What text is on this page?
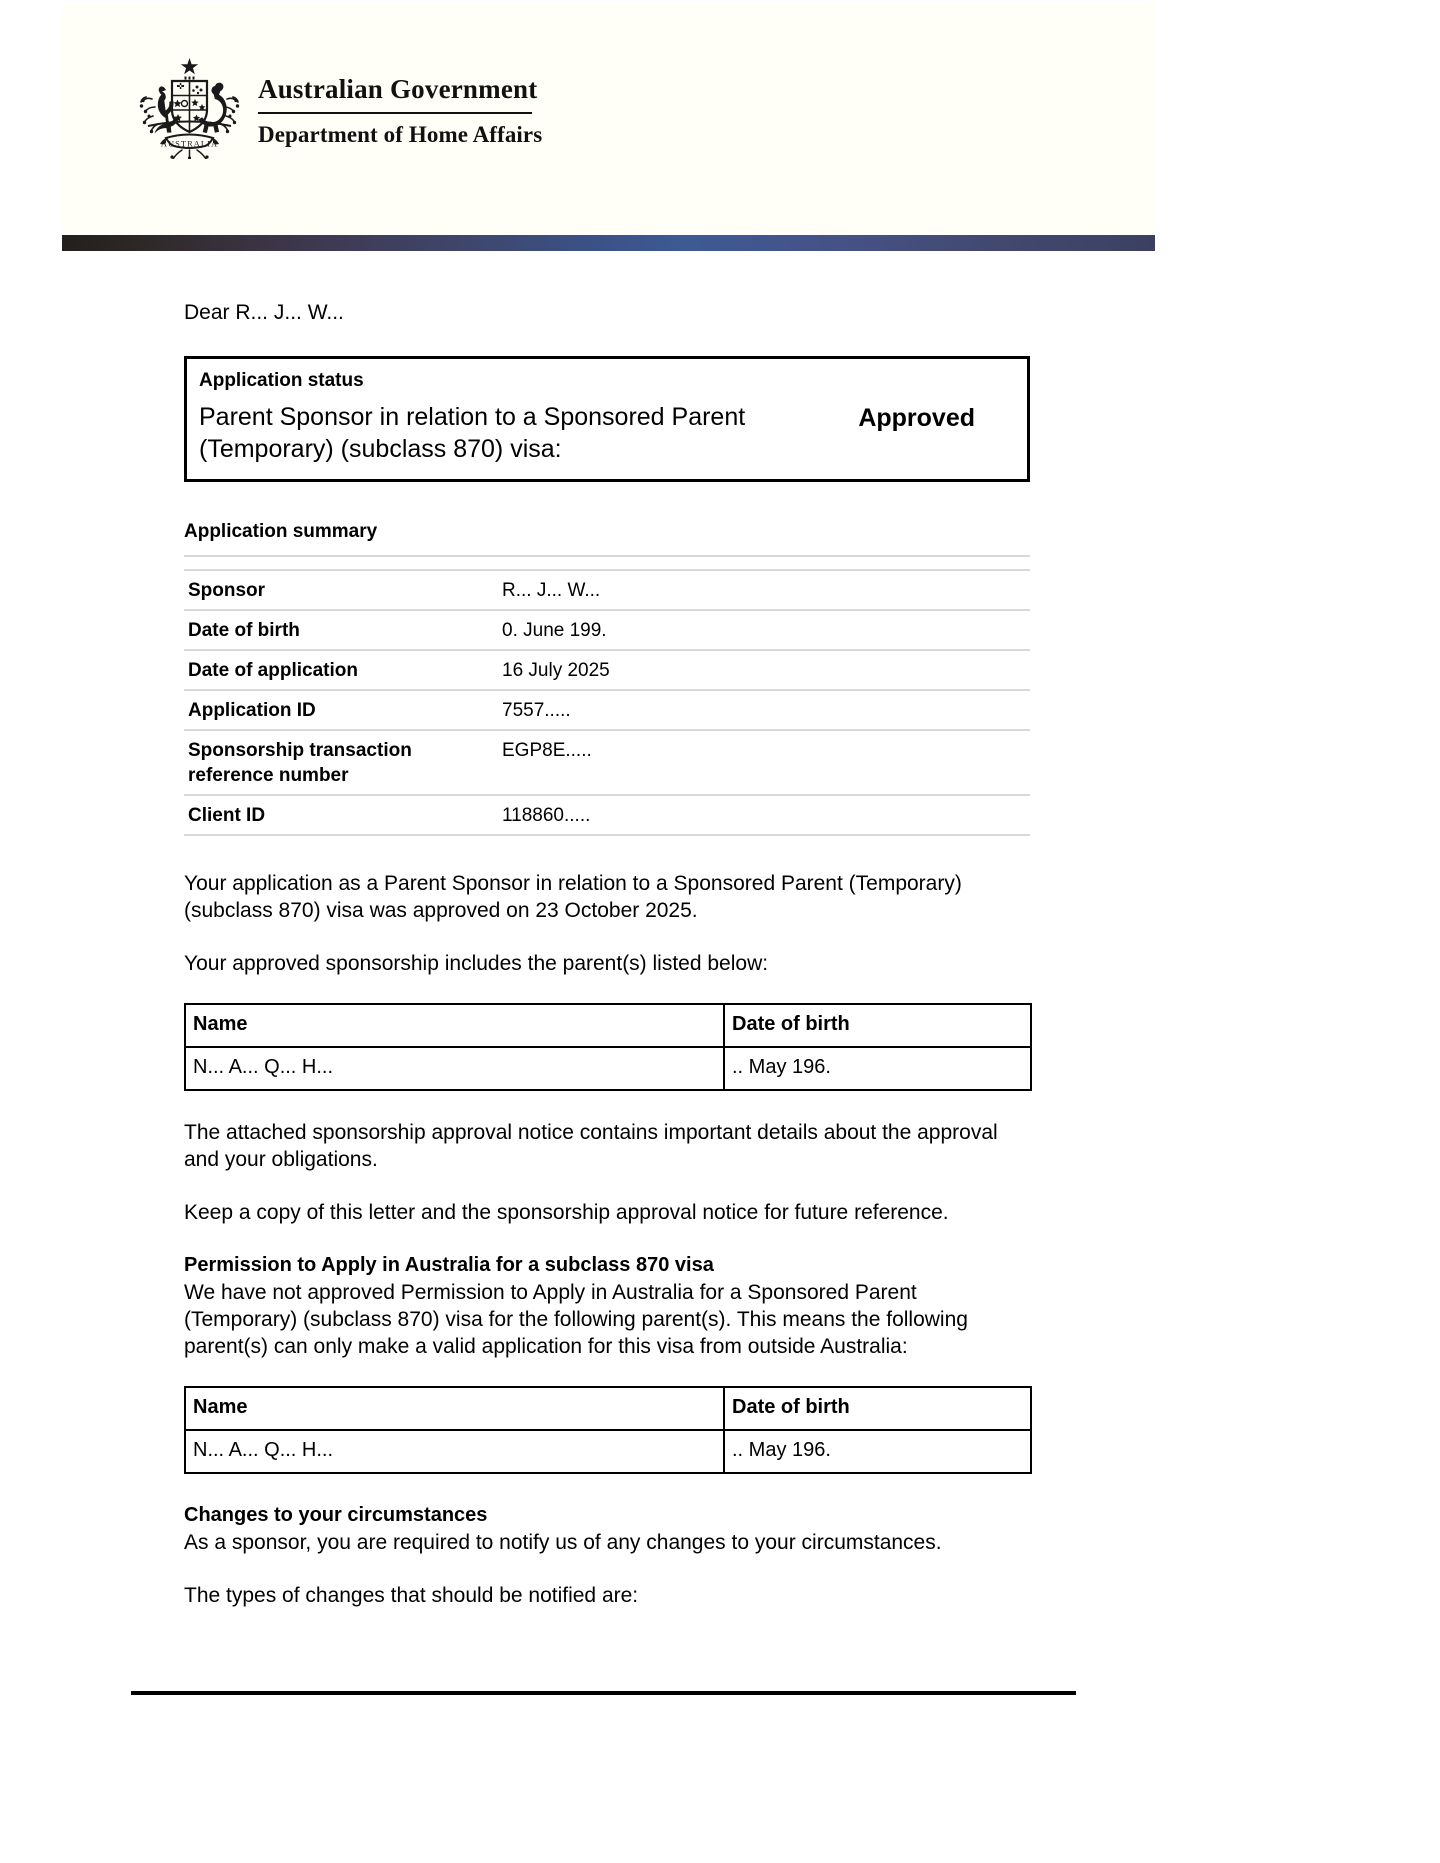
AUSTRALIA
Australian Government
Department of Home Affairs

Dear R... J... W...

Application status
Parent Sponsor in relation to a Sponsored Parent (Temporary) (subclass 870) visa:
Approved
Application summary

Sponsor	R... J... W...
Date of birth	0. June 199.
Date of application	16 July 2025
Application ID	7557.....
Sponsorship transaction reference number	EGP8E.....
Client ID	118860.....

Your application as a Parent Sponsor in relation to a Sponsored Parent (Temporary) (subclass 870) visa was approved on 23 October 2025.

Your approved sponsorship includes the parent(s) listed below:

Name	Date of birth
N... A... Q... H...	.. May 196.

The attached sponsorship approval notice contains important details about the approval and your obligations.

Keep a copy of this letter and the sponsorship approval notice for future reference.

Permission to Apply in Australia for a subclass 870 visa

We have not approved Permission to Apply in Australia for a Sponsored Parent (Temporary) (subclass 870) visa for the following parent(s). This means the following parent(s) can only make a valid application for this visa from outside Australia:

Name	Date of birth
N... A... Q... H...	.. May 196.
Changes to your circumstances

As a sponsor, you are required to notify us of any changes to your circumstances.

The types of changes that should be notified are:
